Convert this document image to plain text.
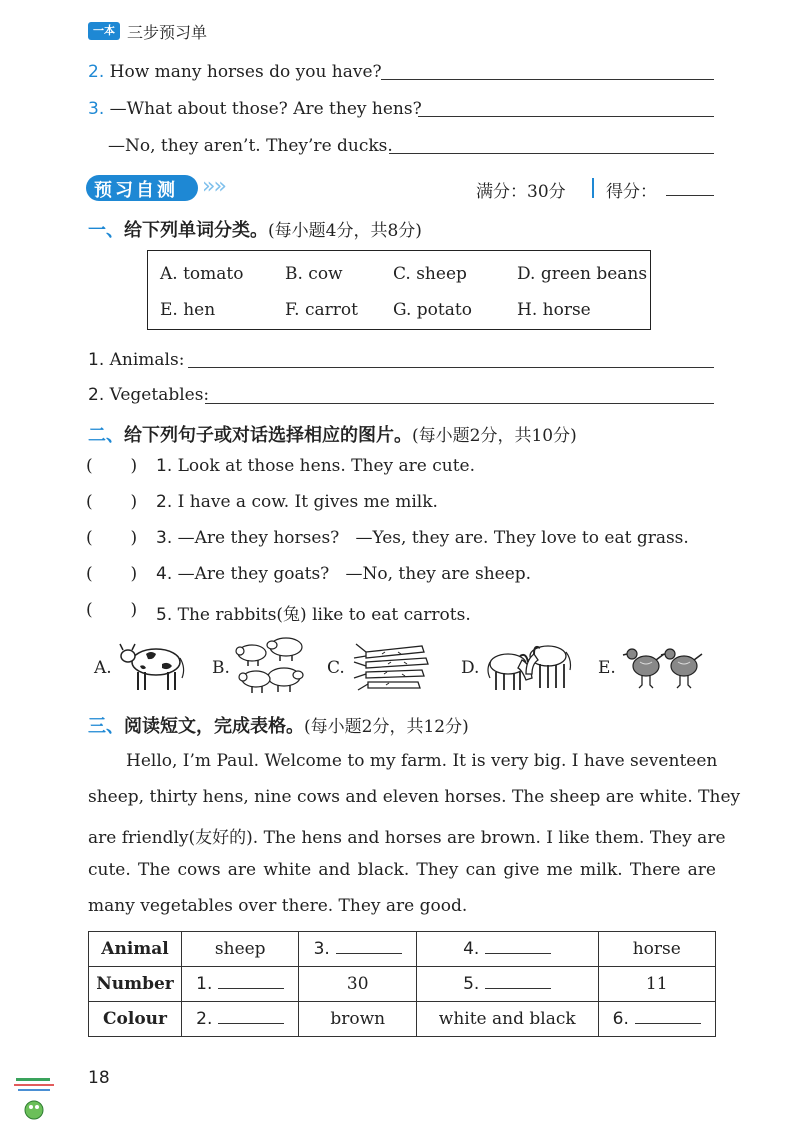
一本 三步预习单
2. How many horses do you have?
3. —What about those? Are they hens?
—No, they aren’t. They’re ducks.
预习自测 »»	满分：30分 得分：
一、给下列单词分类。(每小题4分，共8分)
A. tomato B. cow	C. sheep	D. green beans
E. hen	F. carrot G. potato	H. horse
1. Animals:
2. Vegetables:
二、给下列句子或对话选择相应的图片。(每小题2分，共10分)
(       ) 1. Look at those hens. They are cute.
(       ) 2. I have a cow. It gives me milk.
(       ) 3. —Are they horses?   —Yes, they are. They love to eat grass.
(       ) 4. —Are they goats?   —No, they are sheep.
(       ) 5. The rabbits(兔) like to eat carrots.
A.	B.	C.	D.	E.
三、阅读短文，完成表格。(每小题2分，共12分)
Hello, I’m Paul. Welcome to my farm. It is very big. I have seventeen
sheep, thirty hens, nine cows and eleven horses. The sheep are white. They
are friendly(友好的). The hens and horses are brown. I like them. They are
cute. The cows are white and black. They can give me milk. There are
many vegetables over there. They are good.
Animal	sheep	3.	4.	horse
Number	1.	30	5.	11
Colour	2.	brown	white and black	6.
18
